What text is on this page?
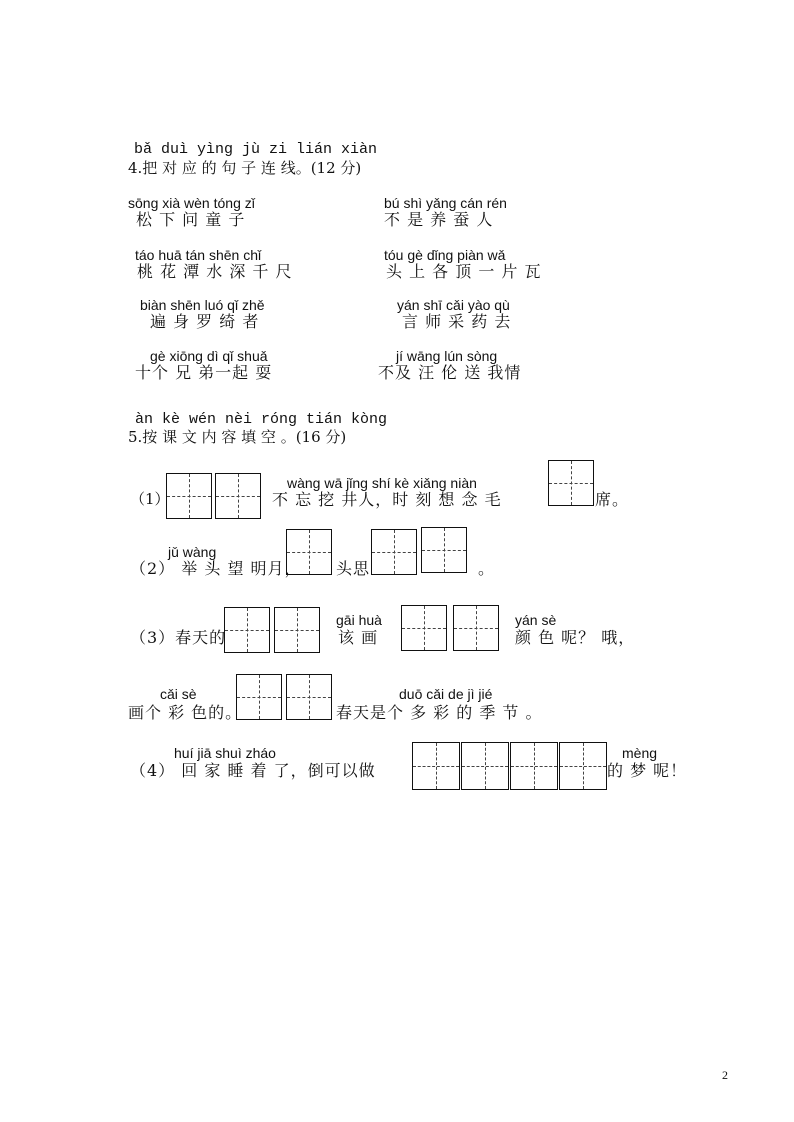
bǎ duì yìng jù zi lián xiàn
4.把 对 应 的 句 子 连 线。(12 分)
sōng xià wèn tóng zǐ
松 下 问 童 子
bú shì yǎng cán rén
不 是 养 蚕 人
táo huā tán shēn chǐ
桃 花 潭 水 深 千 尺
tóu gè dǐng piàn wǎ
头 上 各 顶 一 片 瓦
biàn shēn luó qǐ zhě
遍 身 罗 绮 者
yán shī cǎi yào qù
言 师 采 药 去
gè xiōng dì qǐ shuǎ
十个 兄 弟一起 耍
jí wāng lún sòng
不及 汪 伦 送 我情
àn kè wén nèi róng tián kòng
5.按 课 文 内 容 填 空 。(16 分)
（1）
wàng wā jǐng shí kè xiǎng niàn
不 忘 挖 井人，时 刻 想 念 毛	席。
jǔ wàng
（2） 举 头 望 明月， 头思	。
（3）春天的
gāi huà
该 画
yán sè
颜 色 呢？ 哦，
cǎi sè
画个 彩 色的。
duō cǎi de jì jié
春天是个 多 彩 的 季 节 。
huí jiā shuì zháo
（4） 回 家 睡 着 了，倒可以做
mèng
的 梦 呢！
2
